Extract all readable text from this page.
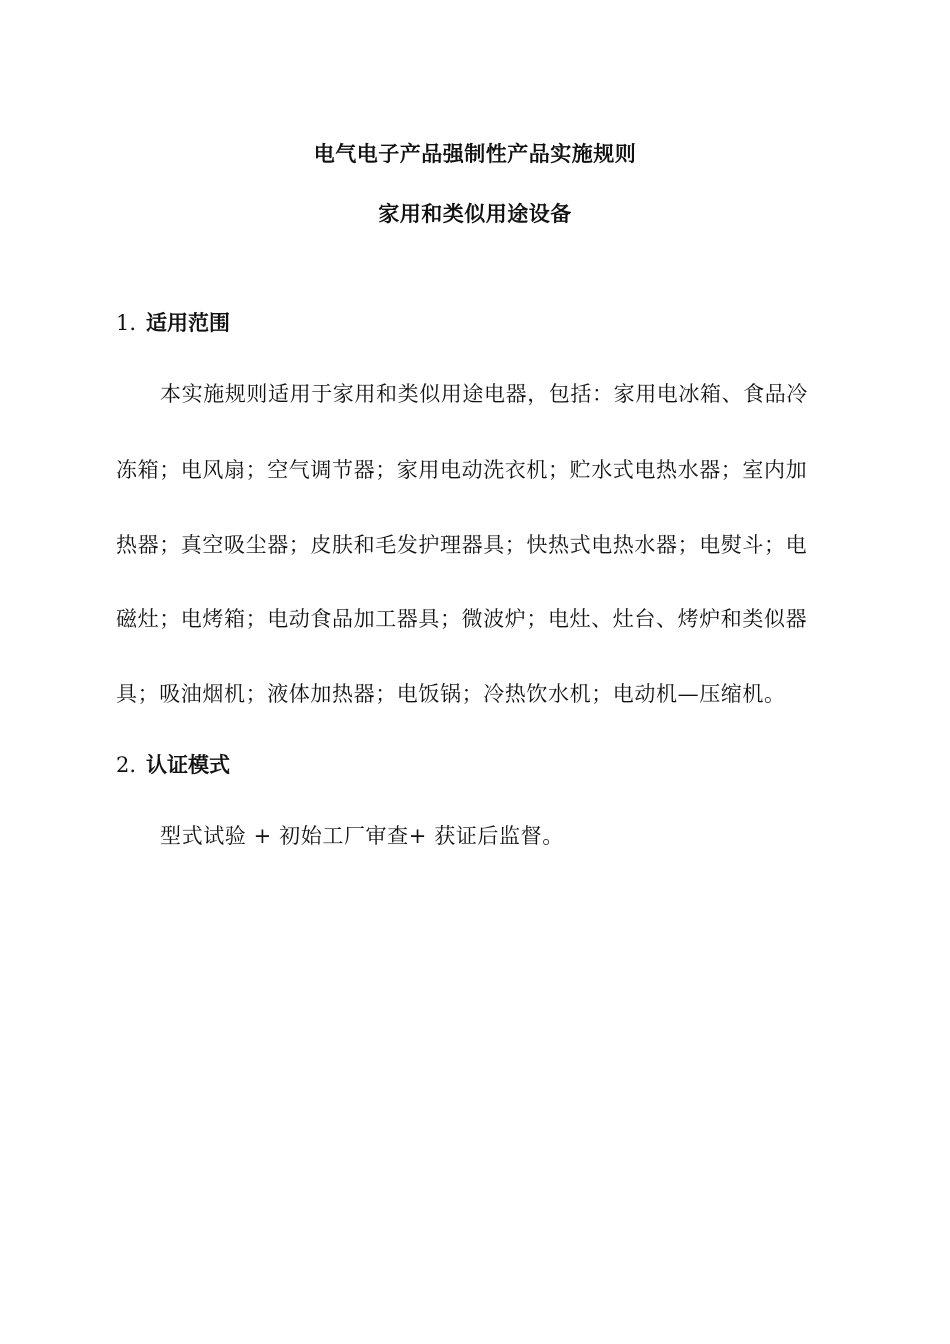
电气电子产品强制性产品实施规则
家用和类似用途设备
1. 适用范围

本实施规则适用于家用和类似用途电器，包括：家用电冰箱、食品冷

冻箱；电风扇；空气调节器；家用电动洗衣机；贮水式电热水器；室内加

热器；真空吸尘器；皮肤和毛发护理器具；快热式电热水器；电熨斗；电

磁灶；电烤箱；电动食品加工器具；微波炉；电灶、灶台、烤炉和类似器

具；吸油烟机；液体加热器；电饭锅；冷热饮水机；电动机—压缩机。

2. 认证模式

型式试验 + 初始工厂审查+ 获证后监督。
